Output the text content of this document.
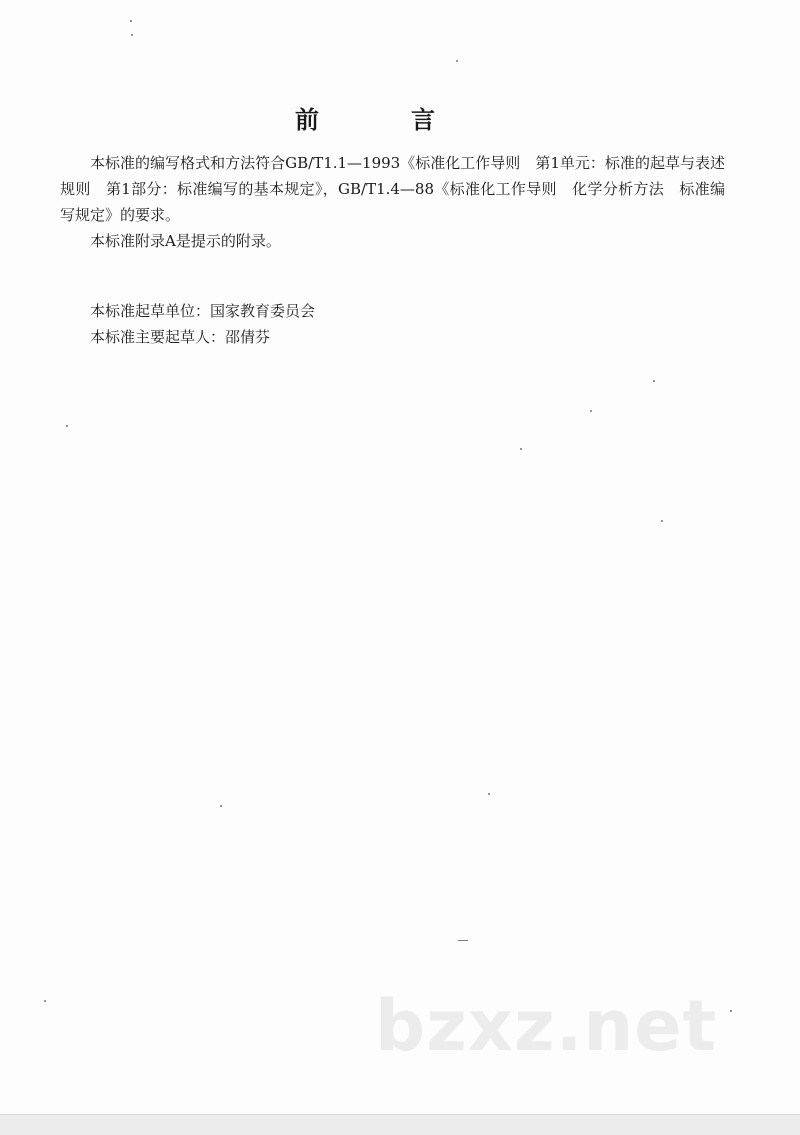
前　言

本标准的编写格式和方法符合GB/T1.1—1993《标准化工作导则　第1单元：标准的起草与表述规则　第1部分：标准编写的基本规定》，GB/T1.4—88《标准化工作导则　化学分析方法　标准编写规定》的要求。

本标准附录A是提示的附录。

本标准起草单位：国家教育委员会
本标准主要起草人：邵倩芬
bzxz.net
